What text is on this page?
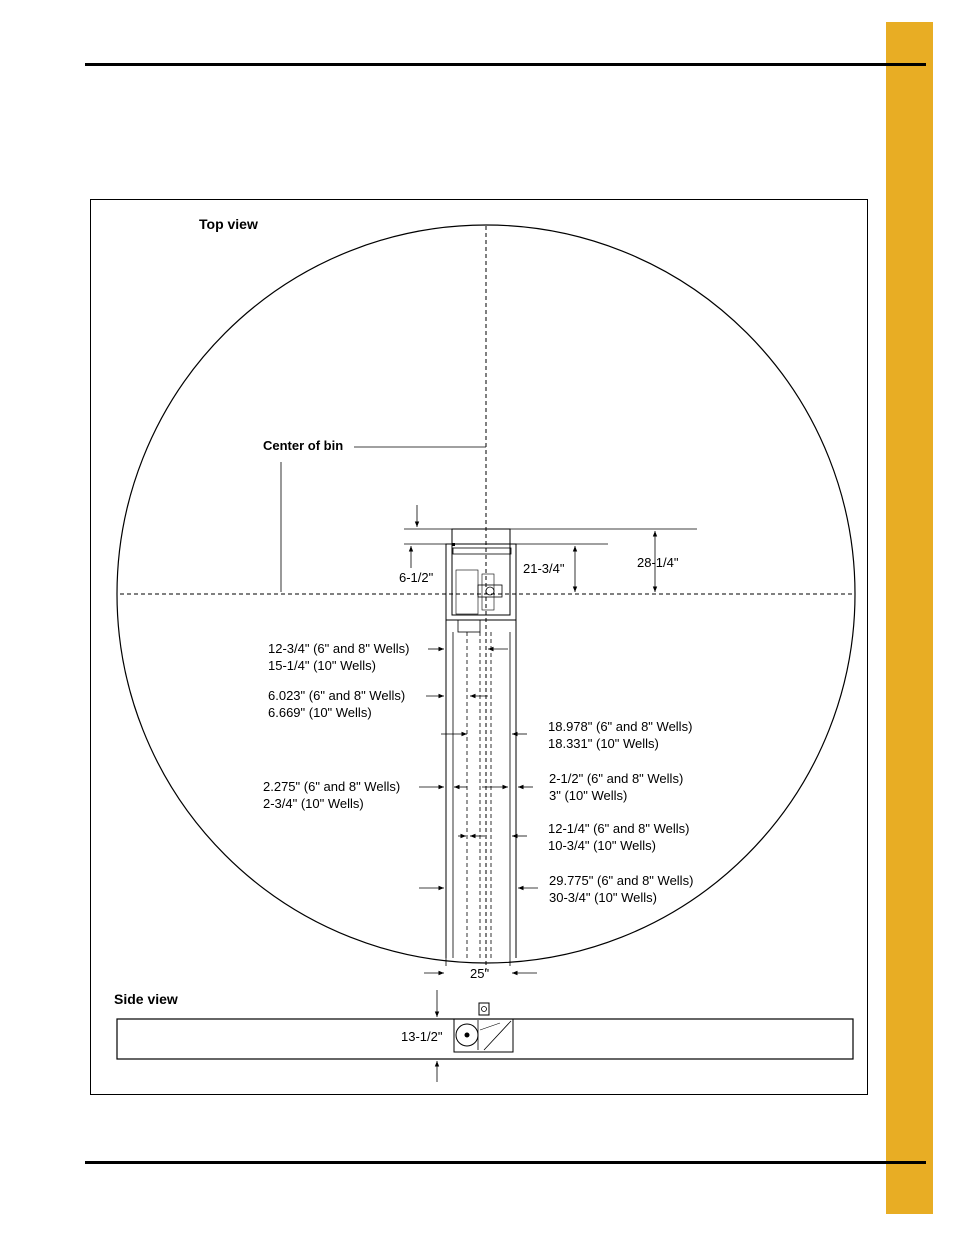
Top view
Center of bin
6-1/2"
21-3/4"	28-1/4"
12-3/4" (6" and 8" Wells)
15-1/4" (10" Wells)
6.023" (6" and 8" Wells)
6.669" (10" Wells)
18.978" (6" and 8" Wells)
18.331" (10" Wells)
2.275" (6" and 8" Wells)
2-3/4" (10" Wells)
2-1/2" (6" and 8" Wells)
3" (10" Wells)
12-1/4" (6" and 8" Wells)
10-3/4" (10" Wells)
29.775" (6" and 8" Wells)
30-3/4" (10" Wells)
25"
Side view
13-1/2"
